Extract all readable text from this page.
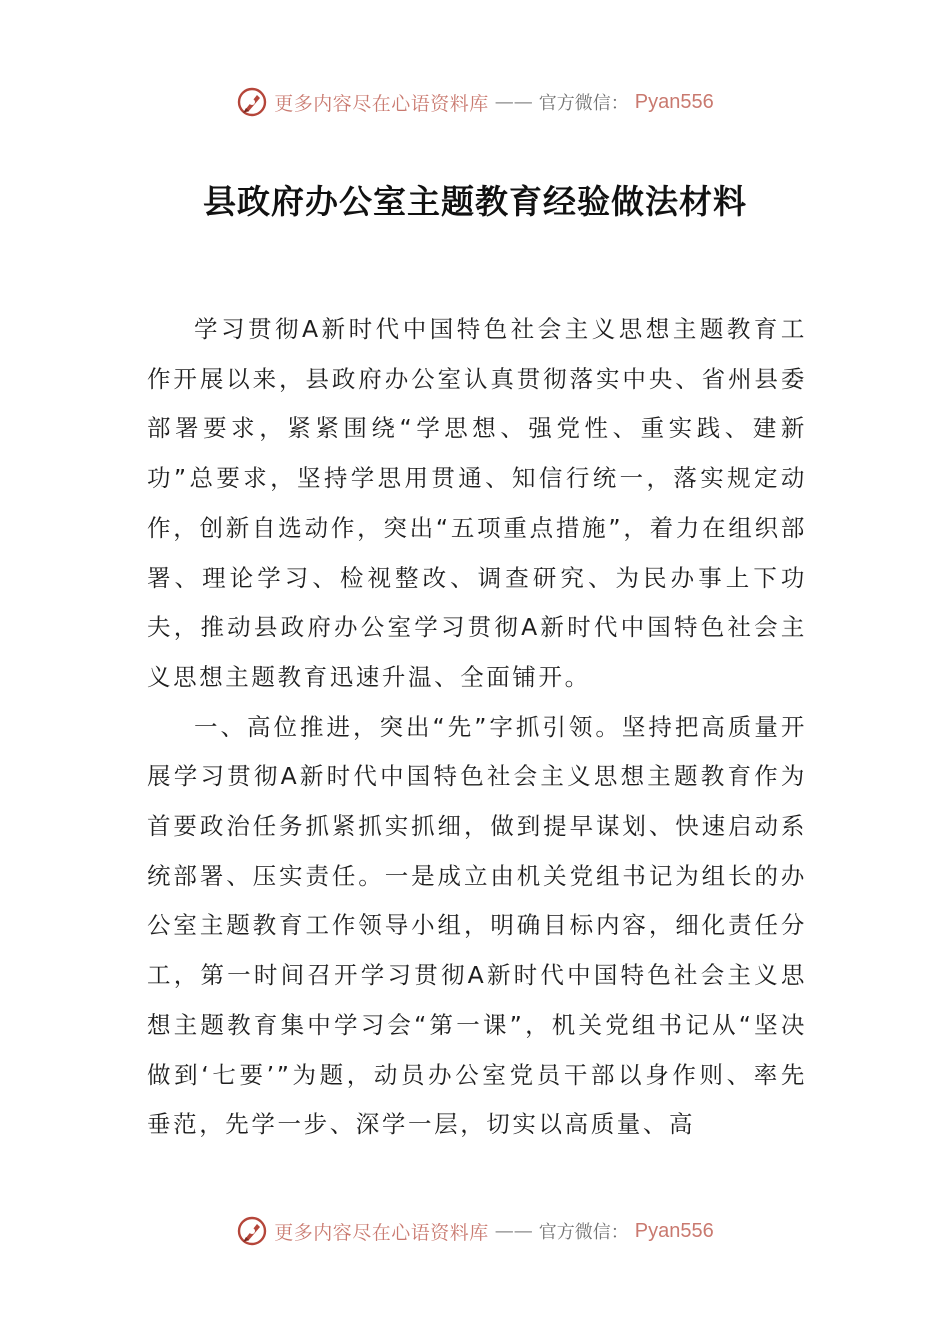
更多内容尽在心语资料库 —— 官方微信： Pyan556
县政府办公室主题教育经验做法材料

学习贯彻A新时代中国特色社会主义思想主题教育工作开展以来，县政府办公室认真贯彻落实中央、省州县委部署要求，紧紧围绕“学思想、强党性、重实践、建新功”总要求，坚持学思用贯通、知信行统一，落实规定动作，创新自选动作，突出“五项重点措施”，着力在组织部署、理论学习、检视整改、调查研究、为民办事上下功夫，推动县政府办公室学习贯彻A新时代中国特色社会主义思想主题教育迅速升温、全面铺开。

一、高位推进，突出“先”字抓引领。坚持把高质量开展学习贯彻A新时代中国特色社会主义思想主题教育作为首要政治任务抓紧抓实抓细，做到提早谋划、快速启动系统部署、压实责任。一是成立由机关党组书记为组长的办公室主题教育工作领导小组，明确目标内容，细化责任分工，第一时间召开学习贯彻A新时代中国特色社会主义思想主题教育集中学习会“第一课”，机关党组书记从“坚决做到‘七要’”为题，动员办公室党员干部以身作则、率先垂范，先学一步、深学一层，切实以高质量、高

更多内容尽在心语资料库 —— 官方微信： Pyan556
